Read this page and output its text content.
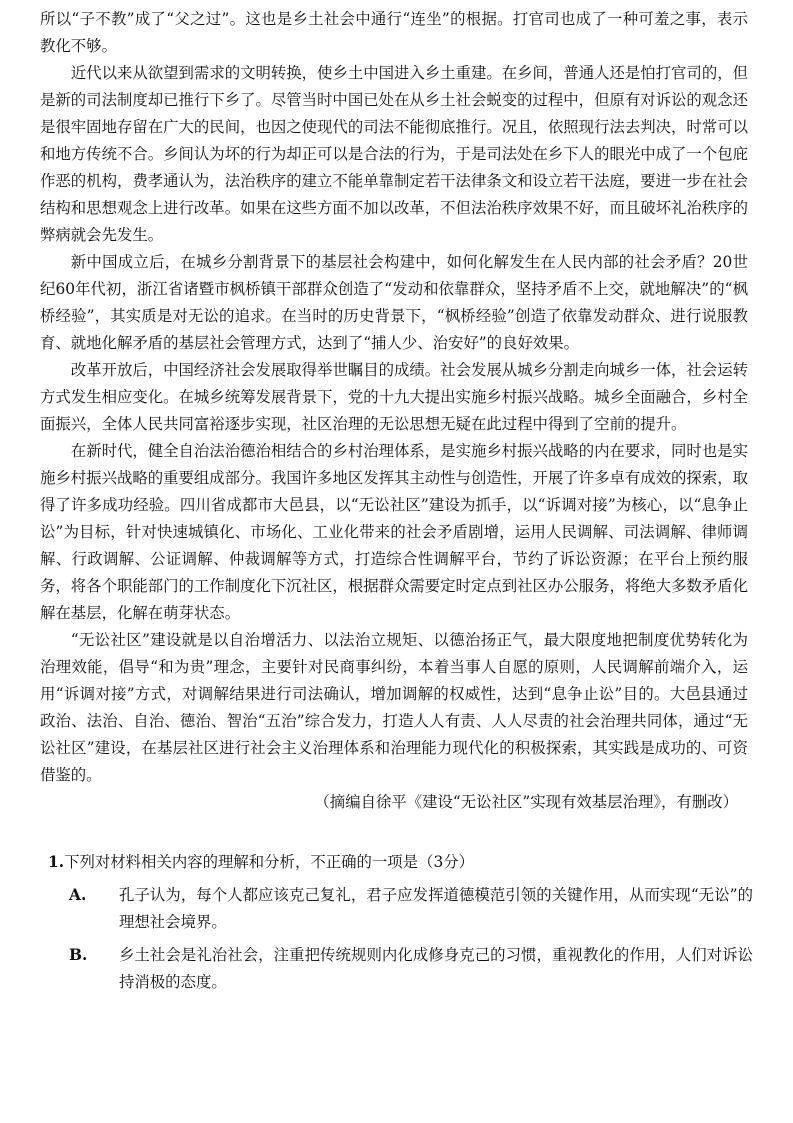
所以“子不教”成了“父之过”。这也是乡土社会中通行“连坐”的根据。打官司也成了一种可羞之事，表示教化不够。

近代以来从欲望到需求的文明转换，使乡土中国进入乡土重建。在乡间，普通人还是怕打官司的，但是新的司法制度却已推行下乡了。尽管当时中国已处在从乡土社会蜕变的过程中，但原有对诉讼的观念还是很牢固地存留在广大的民间，也因之使现代的司法不能彻底推行。况且，依照现行法去判决，时常可以和地方传统不合。乡间认为坏的行为却正可以是合法的行为，于是司法处在乡下人的眼光中成了一个包庇作恶的机构，费孝通认为，法治秩序的建立不能单靠制定若干法律条文和设立若干法庭，要进一步在社会结构和思想观念上进行改革。如果在这些方面不加以改革，不但法治秩序效果不好，而且破坏礼治秩序的弊病就会先发生。

新中国成立后，在城乡分割背景下的基层社会构建中，如何化解发生在人民内部的社会矛盾？20世纪60年代初，浙江省诸暨市枫桥镇干部群众创造了“发动和依靠群众，坚持矛盾不上交，就地解决”的“枫桥经验”，其实质是对无讼的追求。在当时的历史背景下，“枫桥经验”创造了依靠发动群众、进行说服教育、就地化解矛盾的基层社会管理方式，达到了“捕人少、治安好”的良好效果。

改革开放后，中国经济社会发展取得举世瞩目的成绩。社会发展从城乡分割走向城乡一体，社会运转方式发生相应变化。在城乡统筹发展背景下，党的十九大提出实施乡村振兴战略。城乡全面融合，乡村全面振兴，全体人民共同富裕逐步实现，社区治理的无讼思想无疑在此过程中得到了空前的提升。

在新时代，健全自治法治德治相结合的乡村治理体系，是实施乡村振兴战略的内在要求，同时也是实施乡村振兴战略的重要组成部分。我国许多地区发挥其主动性与创造性，开展了许多卓有成效的探索，取得了许多成功经验。四川省成都市大邑县，以“无讼社区”建设为抓手，以“诉调对接”为核心，以“息争止讼”为目标，针对快速城镇化、市场化、工业化带来的社会矛盾剧增，运用人民调解、司法调解、律师调解、行政调解、公证调解、仲裁调解等方式，打造综合性调解平台，节约了诉讼资源；在平台上预约服务，将各个职能部门的工作制度化下沉社区，根据群众需要定时定点到社区办公服务，将绝大多数矛盾化解在基层，化解在萌芽状态。

“无讼社区”建设就是以自治增活力、以法治立规矩、以德治扬正气，最大限度地把制度优势转化为治理效能，倡导“和为贵”理念，主要针对民商事纠纷，本着当事人自愿的原则，人民调解前端介入，运用“诉调对接”方式，对调解结果进行司法确认，增加调解的权威性，达到“息争止讼”目的。大邑县通过政治、法治、自治、德治、智治“五治”综合发力，打造人人有责、人人尽责的社会治理共同体，通过“无讼社区”建设，在基层社区进行社会主义治理体系和治理能力现代化的积极探索，其实践是成功的、可资借鉴的。

（摘编自徐平《建设“无讼社区”实现有效基层治理》，有删改）

1.下列对材料相关内容的理解和分析，不正确的一项是（3分）

A.	孔子认为，每个人都应该克己复礼，君子应发挥道德模范引领的关键作用，从而实现“无讼”的理想社会境界。
B.	乡土社会是礼治社会，注重把传统规则内化成修身克己的习惯，重视教化的作用，人们对诉讼持消极的态度。
